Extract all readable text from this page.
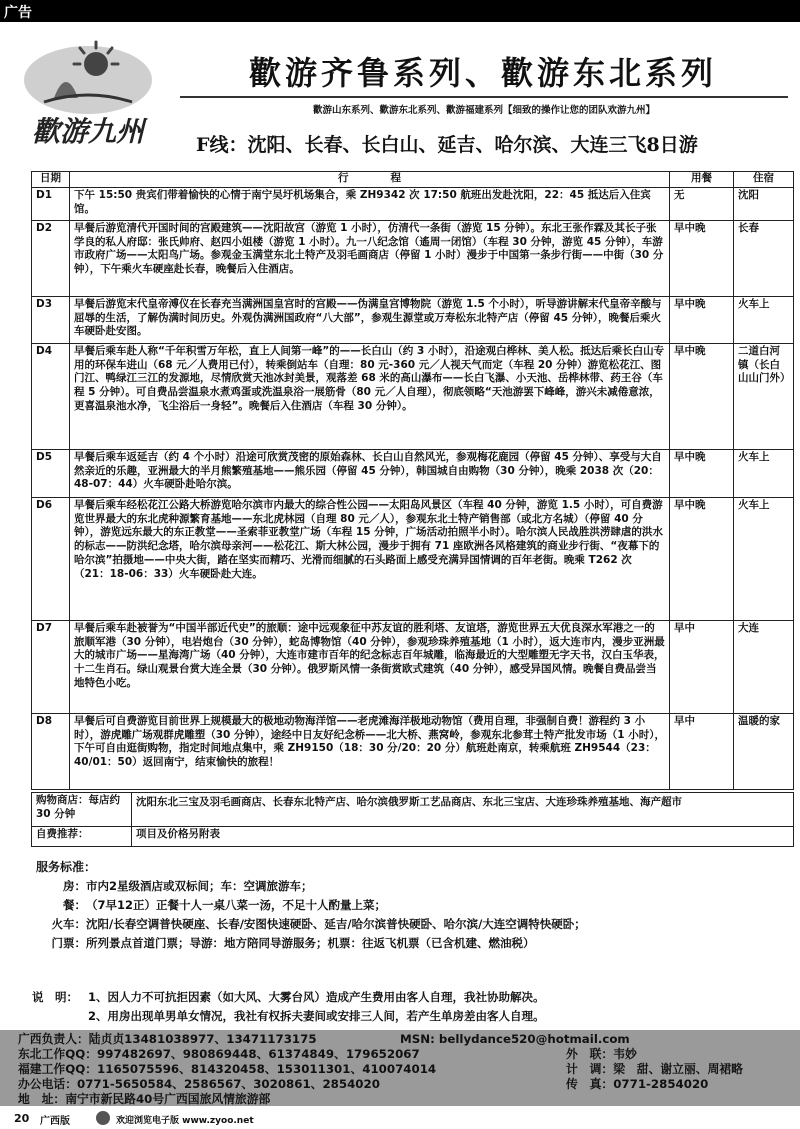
广告
歡游九州
歡游齐鲁系列、歡游东北系列
歡游山东系列、歡游东北系列、歡游福建系列【细致的操作让您的团队欢游九州】
F线：沈阳、长春、长白山、延吉、哈尔滨、大连三飞8日游
日期	行　　　　程	用餐	住宿
D1	下午 15:50 贵宾们带着愉快的心情于南宁吴圩机场集合，乘 ZH9342 次 17:50 航班出发赴沈阳，22：45 抵达后入住宾馆。	无	沈阳
D2	早餐后游览清代开国时间的宫殿建筑——沈阳故宫（游览 1 小时），仿清代一条街（游览 15 分钟）。东北王张作霖及其长子张学良的私人府邸：张氏帅府、赵四小姐楼（游览 1 小时）。九一八纪念馆（遙周一闭馆）（车程 30 分钟，游览 45 分钟），车游市政府广场——太阳鸟广场。参观金玉满堂东北土特产及羽毛画商店（停留 1 小时）漫步于中国第一条步行街——中街（30 分钟），下午乘火车硬座赴长春，晚餐后入住酒店。	早中晚	长春
D3	早餐后游览末代皇帝溥仪在长春充当满洲国皇宫时的宫殿——伪满皇宫博物院（游览 1.5 个小时），听导游讲解末代皇帝辛酸与屈辱的生活，了解伪满时间历史。外观伪满洲国政府“八大部”，参观生源堂或万寿松东北特产店（停留 45 分钟），晚餐后乘火车硬卧赴安图。	早中晚	火车上
D4	早餐后乘车赴人称“千年积雪万年松，直上人间第一峰”的——长白山（约 3 小时），沿途观白桦林、美人松。抵达后乘长白山专用的环保车进山（68 元／人费用已付），转乘倒站车（自理：80 元-360 元／人视天气而定（车程 20 分钟）游览松花江、图门江、鸭绿江三江的发源地，尽情欣赏天池冰封美景，观落差 68 米的高山瀑布——长白飞瀑、小天池、岳桦林带、药王谷（车程 5 分钟）。可自费品尝温泉水煮鸡蛋或洗温泉浴一展筋骨（80 元／人自理），彻底领略“天池游罢下峰峰，游兴未减倦意浓，更喜温泉池水净，飞尘浴后一身轻”。晚餐后入住酒店（车程 30 分钟）。	早中晚	二道白河镇（长白山山门外）
D5	早餐后乘车返延吉（约 4 个小时）沿途可欣赏茂密的原始森林、长白山自然风光，参观梅花鹿园（停留 45 分钟）、享受与大自然亲近的乐趣，亚洲最大的半月熊繁殖基地——熊乐园（停留 45 分钟），韩国城自由购物（30 分钟），晚乘 2038 次（20：48-07：44）火车硬卧赴哈尔滨。	早中晚	火车上
D6	早餐后乘车经松花江公路大桥游览哈尔滨市内最大的综合性公园——太阳岛风景区（车程 40 分钟，游览 1.5 小时），可自费游览世界最大的东北虎种源繁育基地——东北虎林园（自理 80 元／人），参观东北土特产销售部（或北方名城）（停留 40 分钟），游览远东最大的东正教堂——圣索菲亚教堂广场（车程 15 分钟，广场活动拍照半小时）。哈尔滨人民战胜洪涝肆虐的洪水的标志——防洪纪念塔，哈尔滨母亲河——松花江、斯大林公园，漫步于拥有 71 座欧洲各风格建筑的商业步行街、“夜幕下的哈尔滨”拍摄地——中央大街，踏在坚实而精巧、光滑而细腻的石头路面上感受充满异国情调的百年老街。晚乘 T262 次（21：18-06：33）火车硬卧赴大连。	早中晚	火车上
D7	早餐后乘车赴被誉为“中国半部近代史”的旅顺：途中远观象征中苏友谊的胜利塔、友谊塔，游览世界五大优良深水军港之一的旅顺军港（30 分钟），电岩炮台（30 分钟），蛇岛博物馆（40 分钟），参观珍珠养殖基地（1 小时），返大连市内，漫步亚洲最大的城市广场——星海湾广场（40 分钟），大连市建市百年的纪念标志百年城雕，临海最近的大型雕塑无字天书，汉白玉华表，十二生肖石。绿山观景台赏大连全景（30 分钟）。俄罗斯风情一条街赏欧式建筑（40 分钟），感受异国风情。晚餐自费品尝当地特色小吃。	早中	大连
D8	早餐后可自费游览目前世界上规模最大的极地动物海洋馆——老虎滩海洋极地动物馆（费用自理，非强制自费！游程约 3 小时），游虎雕广场观群虎雕塑（30 分钟），途经中日友好纪念桥——北大桥、燕窝岭，参观东北参茸土特产批发市场（1 小时），下午可自由逛街购物，指定时间地点集中，乘 ZH9150（18：30 分/20：20 分）航班赴南京，转乘航班 ZH9544（23：40/01：50）返回南宁，结束愉快的旅程！	早中	温暖的家

购物商店：每店约 30 分钟	沈阳东北三宝及羽毛画商店、长春东北特产店、哈尔滨俄罗斯工艺品商店、东北三宝店、大连珍珠养殖基地、海产超市
自费推荐：	项目及价格另附表
服务标准：
房：市内2星级酒店或双标间；车：空调旅游车；
餐：（7早12正）正餐十人一桌八菜一汤，不足十人酌量上菜；
火车：沈阳/长春空调普快硬座、长春/安图快速硬卧、延吉/哈尔滨普快硬卧、哈尔滨/大连空调特快硬卧；
门票：所列景点首道门票；导游：地方陪同导游服务；机票：往返飞机票（已含机建、燃油税）
说　明： 1、因人力不可抗拒因素（如大风、大雾台风）造成产生费用由客人自理，我社协助解决。
2、用房出现单男单女情况，我社有权拆夫妻间或安排三人间，若产生单房差由客人自理。
广西负责人：陆贞贞13481038977、13471173175	MSN: bellydance520@hotmail.com
东北工作QQ：997482697、980869448、61374849、179652067	外　联：韦妙
福建工作QQ：1165075596、814320458、153011301、410074014	计　调：梁　甜、谢立丽、周裙略
办公电话：0771-5650584、2586567、3020861、2854020	传　真：0771-2854020
地　址：南宁市新民路40号广西国旅风情旅游部
20 广西版	欢迎浏览电子版 www.zyoo.net
